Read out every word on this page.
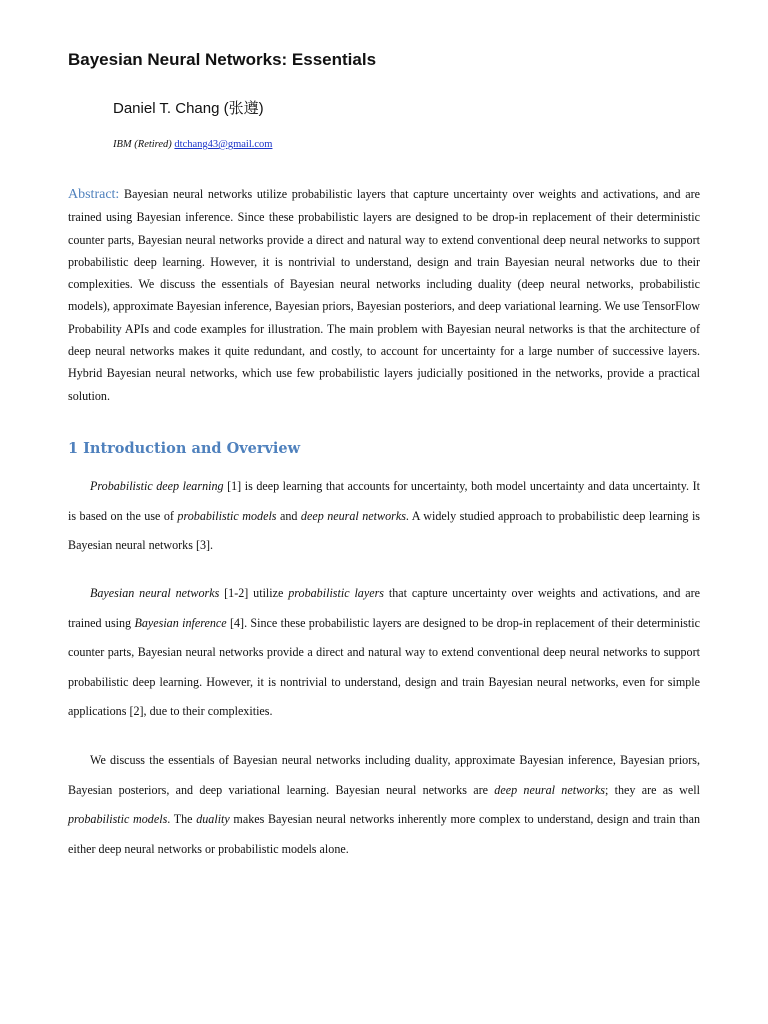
Bayesian Neural Networks: Essentials
Daniel T. Chang (张遵)
IBM (Retired) dtchang43@gmail.com

Abstract: Bayesian neural networks utilize probabilistic layers that capture uncertainty over weights and activations, and are trained using Bayesian inference. Since these probabilistic layers are designed to be drop-in replacement of their deterministic counter parts, Bayesian neural networks provide a direct and natural way to extend conventional deep neural networks to support probabilistic deep learning. However, it is nontrivial to understand, design and train Bayesian neural networks due to their complexities. We discuss the essentials of Bayesian neural networks including duality (deep neural networks, probabilistic models), approximate Bayesian inference, Bayesian priors, Bayesian posteriors, and deep variational learning. We use TensorFlow Probability APIs and code examples for illustration. The main problem with Bayesian neural networks is that the architecture of deep neural networks makes it quite redundant, and costly, to account for uncertainty for a large number of successive layers. Hybrid Bayesian neural networks, which use few probabilistic layers judicially positioned in the networks, provide a practical solution.

1 Introduction and Overview

Probabilistic deep learning [1] is deep learning that accounts for uncertainty, both model uncertainty and data uncertainty. It is based on the use of probabilistic models and deep neural networks. A widely studied approach to probabilistic deep learning is Bayesian neural networks [3].

Bayesian neural networks [1-2] utilize probabilistic layers that capture uncertainty over weights and activations, and are trained using Bayesian inference [4]. Since these probabilistic layers are designed to be drop-in replacement of their deterministic counter parts, Bayesian neural networks provide a direct and natural way to extend conventional deep neural networks to support probabilistic deep learning. However, it is nontrivial to understand, design and train Bayesian neural networks, even for simple applications [2], due to their complexities.

We discuss the essentials of Bayesian neural networks including duality, approximate Bayesian inference, Bayesian priors, Bayesian posteriors, and deep variational learning. Bayesian neural networks are deep neural networks; they are as well probabilistic models. The duality makes Bayesian neural networks inherently more complex to understand, design and train than either deep neural networks or probabilistic models alone.
